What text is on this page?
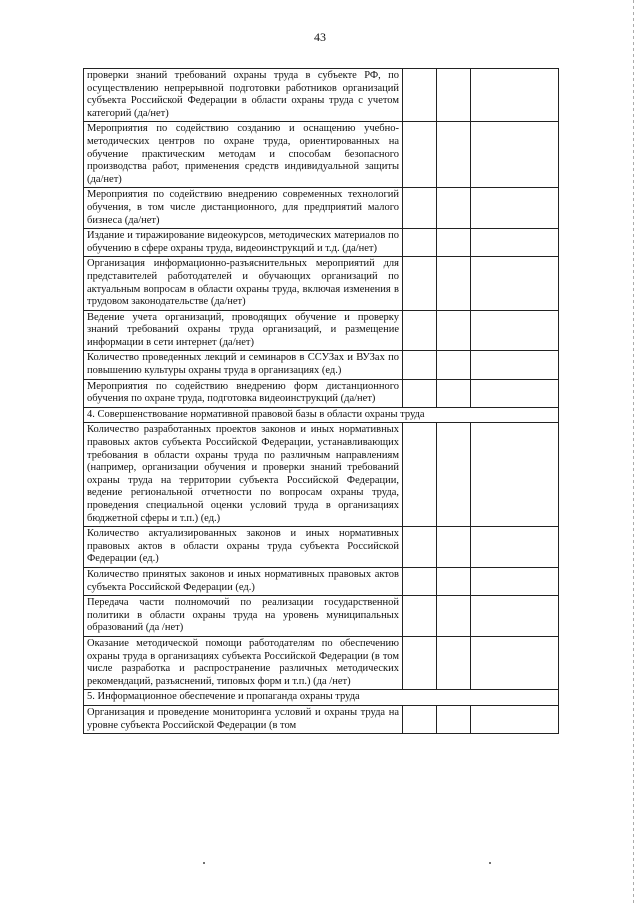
43
проверки знаний требований охраны труда в субъекте РФ, по осуществлению непрерывной подготовки работников организаций субъекта Российской Федерации в области охраны труда с учетом категорий (да/нет)			
Мероприятия по содействию созданию и оснащению учебно-методических центров по охране труда, ориентированных на обучение практическим методам и способам безопасного производства работ, применения средств индивидуальной защиты (да/нет)			
Мероприятия по содействию внедрению современных технологий обучения, в том числе дистанционного, для предприятий малого бизнеса (да/нет)			
Издание и тиражирование видеокурсов, методических материалов по обучению в сфере охраны труда, видеоинструкций и т.д. (да/нет)			
Организация информационно-разъяснительных мероприятий для представителей работодателей и обучающих организаций по актуальным вопросам в области охраны труда, включая изменения в трудовом законодательстве (да/нет)			
Ведение учета организаций, проводящих обучение и проверку знаний требований охраны труда организаций, и размещение информации в сети интернет (да/нет)			
Количество проведенных лекций и семинаров в ССУЗах и ВУЗах по повышению культуры охраны труда в организациях (ед.)			
Мероприятия по содействию внедрению форм дистанционного обучения по охране труда, подготовка видеоинструкций (да/нет)			
4. Совершенствование нормативной правовой базы в области охраны труда			
Количество разработанных проектов законов и иных нормативных правовых актов субъекта Российской Федерации, устанавливающих требования в области охраны труда по различным направлениям (например, организации обучения и проверки знаний требований охраны труда на территории субъекта Российской Федерации, ведение региональной отчетности по вопросам охраны труда, проведения специальной оценки условий труда в организациях бюджетной сферы и т.п.) (ед.)			
Количество актуализированных законов и иных нормативных правовых актов в области охраны труда субъекта Российской Федерации (ед.)			
Количество принятых законов и иных нормативных правовых актов субъекта Российской Федерации (ед.)			
Передача части полномочий по реализации государственной политики в области охраны труда на уровень муниципальных образований (да /нет)			
Оказание методической помощи работодателям по обеспечению охраны труда в организациях субъекта Российской Федерации (в том числе разработка и распространение различных методических рекомендаций, разъяснений, типовых форм и т.п.) (да /нет)			
5. Информационное обеспечение и пропаганда охраны труда			
Организация и проведение мониторинга условий и охраны труда на уровне субъекта Российской Федерации (в том			
